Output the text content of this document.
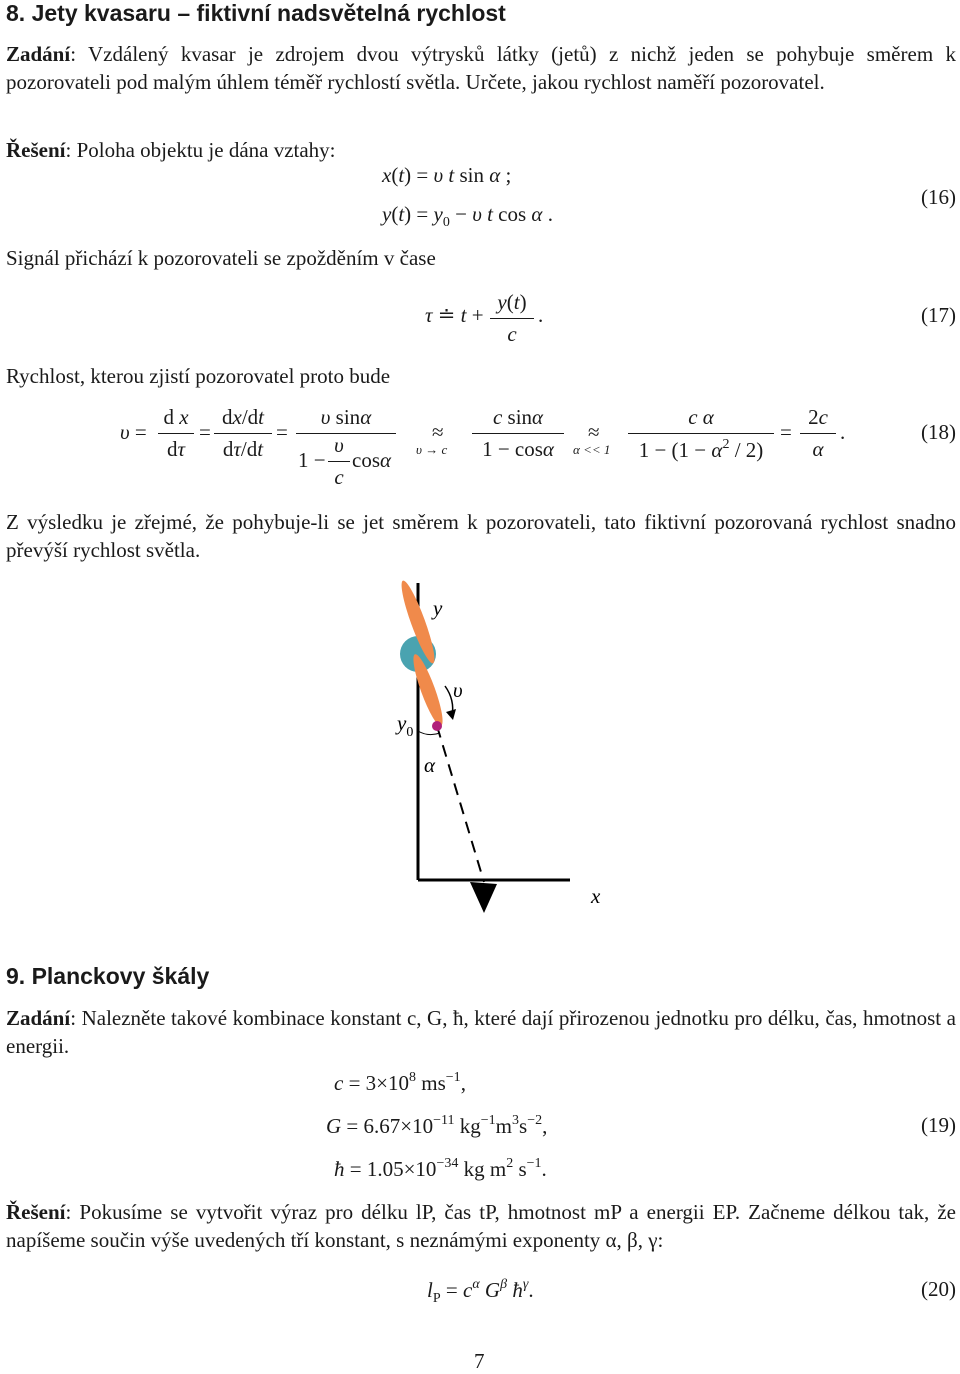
8. Jety kvasaru – fiktivní nadsvětelná rychlost
Zadání: Vzdálený kvasar je zdrojem dvou výtrysků látky (jetů) z nichž jeden se pohybuje směrem k pozorovateli pod malým úhlem téměř rychlostí světla. Určete, jakou rychlost naměří pozorovatel.
Řešení: Poloha objektu je dána vztahy:
x(t) = υ t sin α ;
$y(t) = y_0 - \upsilon$ t cos α .
(16)
Signál přichází k pozorovateli se zpožděním v čase
τ ≐ t +
y(t)
c
.	(17)
Rychlost, kterou zjistí pozorovatel proto bude
υ =
d x
dτ
=
dx/dt
dτ/dt
=
υ sinα
1 −
υ
c
cosα
≈
υ → c
c sinα
1 − cosα
≈
α << 1
c α
$1 - (1 - \alpha^2 / 2)$
=
2c
α
.	(18)
Z výsledku je zřejmé, že pohybuje-li se jet směrem k pozorovateli, tato fiktivní pozorovaná rychlost snadno převýší rychlost světla.
y
υ
$y_0$
α
x
9. Planckovy škály
Zadání: Nalezněte takové kombinace konstant c, G, ħ, které dají přirozenou jednotku pro délku, čas, hmotnost a energii.
$c = 3\times 10^8$ $ms^{-1}$,
$G = 6.67\times 10^{-11}$ $kg^{-1}m^3s^{-2}$,
ħ = $1.05\times 10^{-34}$ kg $m^2$ $s^{-1}$.
(19)
Řešení: Pokusíme se vytvořit výraz pro délku lP, čas tP, hmotnost mP a energii EP. Začneme délkou tak, že napíšeme součin výše uvedených tří konstant, s neznámými exponenty α, β, γ:
$l_P = c^\alpha$ $G^\beta$ $ħ^\gamma$.	(20)
7
